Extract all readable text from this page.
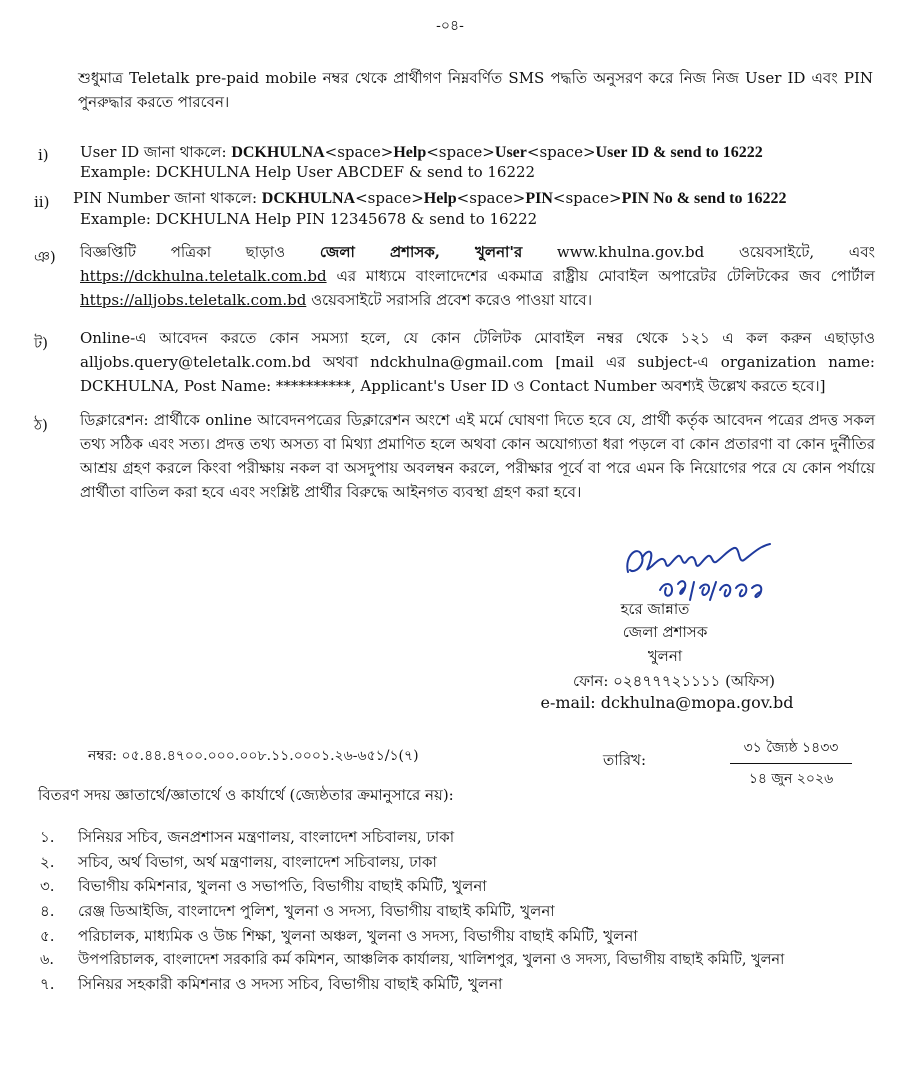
-০৪-
শুধুমাত্র Teletalk pre-paid mobile নম্বর থেকে প্রার্থীগণ নিম্নবর্ণিত SMS পদ্ধতি অনুসরণ করে নিজ নিজ User ID এবং PIN পুনরুদ্ধার করতে পারবেন।
i) User ID জানা থাকলে: DCKHULNA<space>Help<space>User<space>User ID & send to 16222
Example: DCKHULNA Help User ABCDEF & send to 16222
ii) PIN Number জানা থাকলে: DCKHULNA<space>Help<space>PIN<space>PIN No & send to 16222
Example: DCKHULNA Help PIN 12345678 & send to 16222
ঞ) বিজ্ঞপ্তিটি পত্রিকা ছাড়াও জেলা প্রশাসক, খুলনা'র www.khulna.gov.bd ওয়েবসাইটে, এবং https://dckhulna.teletalk.com.bd এর মাধ্যমে বাংলাদেশের একমাত্র রাষ্ট্রীয় মোবাইল অপারেটর টেলিটকের জব পোর্টাল https://alljobs.teletalk.com.bd ওয়েবসাইটে সরাসরি প্রবেশ করেও পাওয়া যাবে।
ট) Online-এ আবেদন করতে কোন সমস্যা হলে, যে কোন টেলিটক মোবাইল নম্বর থেকে ১২১ এ কল করুন এছাড়াও alljobs.query@teletalk.com.bd অথবা ndckhulna@gmail.com [mail এর subject-এ organization name: DCKHULNA, Post Name: **********, Applicant's User ID ও Contact Number অবশ্যই উল্লেখ করতে হবে।]
ঠ) ডিক্লারেশন: প্রার্থীকে online আবেদনপত্রের ডিক্লারেশন অংশে এই মর্মে ঘোষণা দিতে হবে যে, প্রার্থী কর্তৃক আবেদন পত্রের প্রদত্ত সকল তথ্য সঠিক এবং সত্য। প্রদত্ত তথ্য অসত্য বা মিথ্যা প্রমাণিত হলে অথবা কোন অযোগ্যতা ধরা পড়লে বা কোন প্রতারণা বা কোন দুর্নীতির আশ্রয় গ্রহণ করলে কিংবা পরীক্ষায় নকল বা অসদুপায় অবলম্বন করলে, পরীক্ষার পূর্বে বা পরে এমন কি নিয়োগের পরে যে কোন পর্যায়ে প্রার্থীতা বাতিল করা হবে এবং সংশ্লিষ্ট প্রার্থীর বিরুদ্ধে আইনগত ব্যবস্থা গ্রহণ করা হবে।
হরে জান্নাত
জেলা প্রশাসক
খুলনা
ফোন: ০২৪৭৭৭২১১১১ (অফিস)
e-mail: dckhulna@mopa.gov.bd
নম্বর: ০৫.৪৪.৪৭০০.০০০.০০৮.১১.০০০১.২৬-৬৫১/১(৭)	তারিখ:
৩১ জ্যৈষ্ঠ ১৪৩৩
১৪ জুন ২০২৬
বিতরণ সদয় জ্ঞাতার্থে/জ্ঞাতার্থে ও কার্যার্থে (জ্যেষ্ঠতার ক্রমানুসারে নয়):
১. সিনিয়র সচিব, জনপ্রশাসন মন্ত্রণালয়, বাংলাদেশ সচিবালয়, ঢাকা
২. সচিব, অর্থ বিভাগ, অর্থ মন্ত্রণালয়, বাংলাদেশ সচিবালয়, ঢাকা
৩. বিভাগীয় কমিশনার, খুলনা ও সভাপতি, বিভাগীয় বাছাই কমিটি, খুলনা
৪. রেঞ্জ ডিআইজি, বাংলাদেশ পুলিশ, খুলনা ও সদস্য, বিভাগীয় বাছাই কমিটি, খুলনা
৫. পরিচালক, মাধ্যমিক ও উচ্চ শিক্ষা, খুলনা অঞ্চল, খুলনা ও সদস্য, বিভাগীয় বাছাই কমিটি, খুলনা
৬. উপপরিচালক, বাংলাদেশ সরকারি কর্ম কমিশন, আঞ্চলিক কার্যালয়, খালিশপুর, খুলনা ও সদস্য, বিভাগীয় বাছাই কমিটি, খুলনা
৭. সিনিয়র সহকারী কমিশনার ও সদস্য সচিব, বিভাগীয় বাছাই কমিটি, খুলনা
